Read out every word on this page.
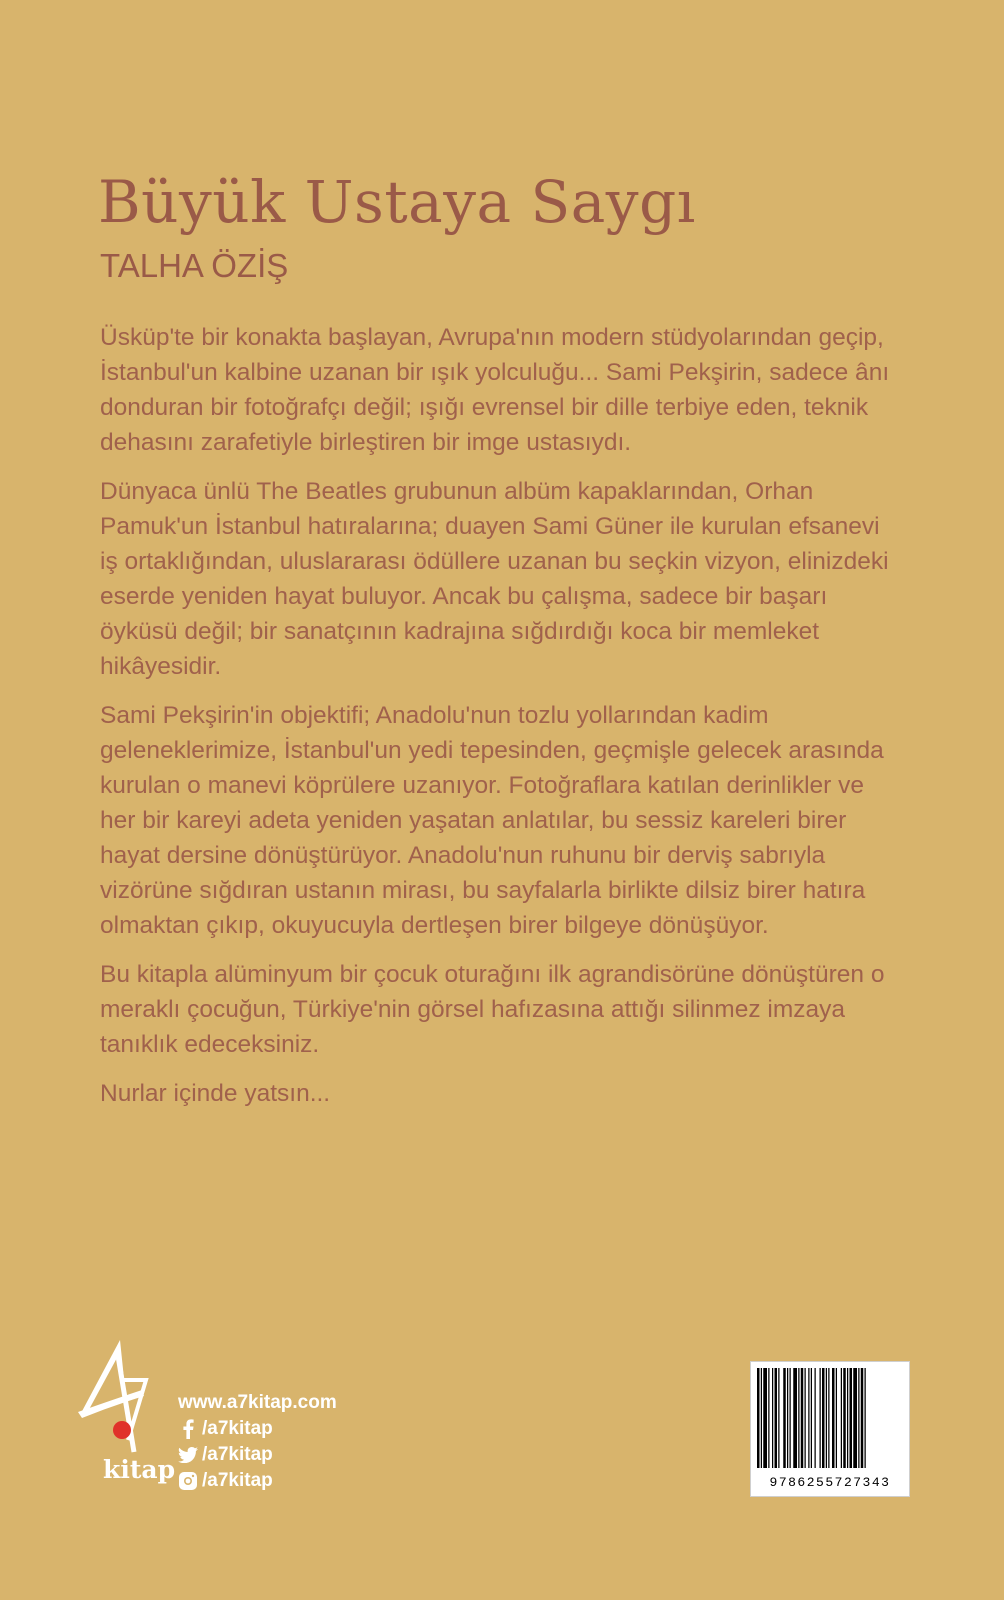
Büyük Ustaya Saygı
TALHA ÖZİŞ

Üsküp'te bir konakta başlayan, Avrupa'nın modern stüdyolarından geçip, İstanbul'un kalbine uzanan bir ışık yolculuğu... Sami Pekşirin, sadece ânı donduran bir fotoğrafçı değil; ışığı evrensel bir dille terbiye eden, teknik dehasını zarafetiyle birleştiren bir imge ustasıydı.

Dünyaca ünlü The Beatles grubunun albüm kapaklarından, Orhan Pamuk'un İstanbul hatıralarına; duayen Sami Güner ile kurulan efsanevi iş ortaklığından, uluslararası ödüllere uzanan bu seçkin vizyon, elinizdeki eserde yeniden hayat buluyor. Ancak bu çalışma, sadece bir başarı öyküsü değil; bir sanatçının kadrajına sığdırdığı koca bir memleket hikâyesidir.

Sami Pekşirin'in objektifi; Anadolu'nun tozlu yollarından kadim geleneklerimize, İstanbul'un yedi tepesinden, geçmişle gelecek arasında kurulan o manevi köprülere uzanıyor. Fotoğraflara katılan derinlikler ve her bir kareyi adeta yeniden yaşatan anlatılar, bu sessiz kareleri birer hayat dersine dönüştürüyor. Anadolu'nun ruhunu bir derviş sabrıyla vizörüne sığdıran ustanın mirası, bu sayfalarla birlikte dilsiz birer hatıra olmaktan çıkıp, okuyucuyla dertleşen birer bilgeye dönüşüyor.

Bu kitapla alüminyum bir çocuk oturağını ilk agrandisörüne dönüştüren o meraklı çocuğun, Türkiye'nin görsel hafızasına attığı silinmez imzaya tanıklık edeceksiniz.

Nurlar içinde yatsın...

kitap
www.a7kitap.com
/a7kitap
/a7kitap
/a7kitap	9786255727343
